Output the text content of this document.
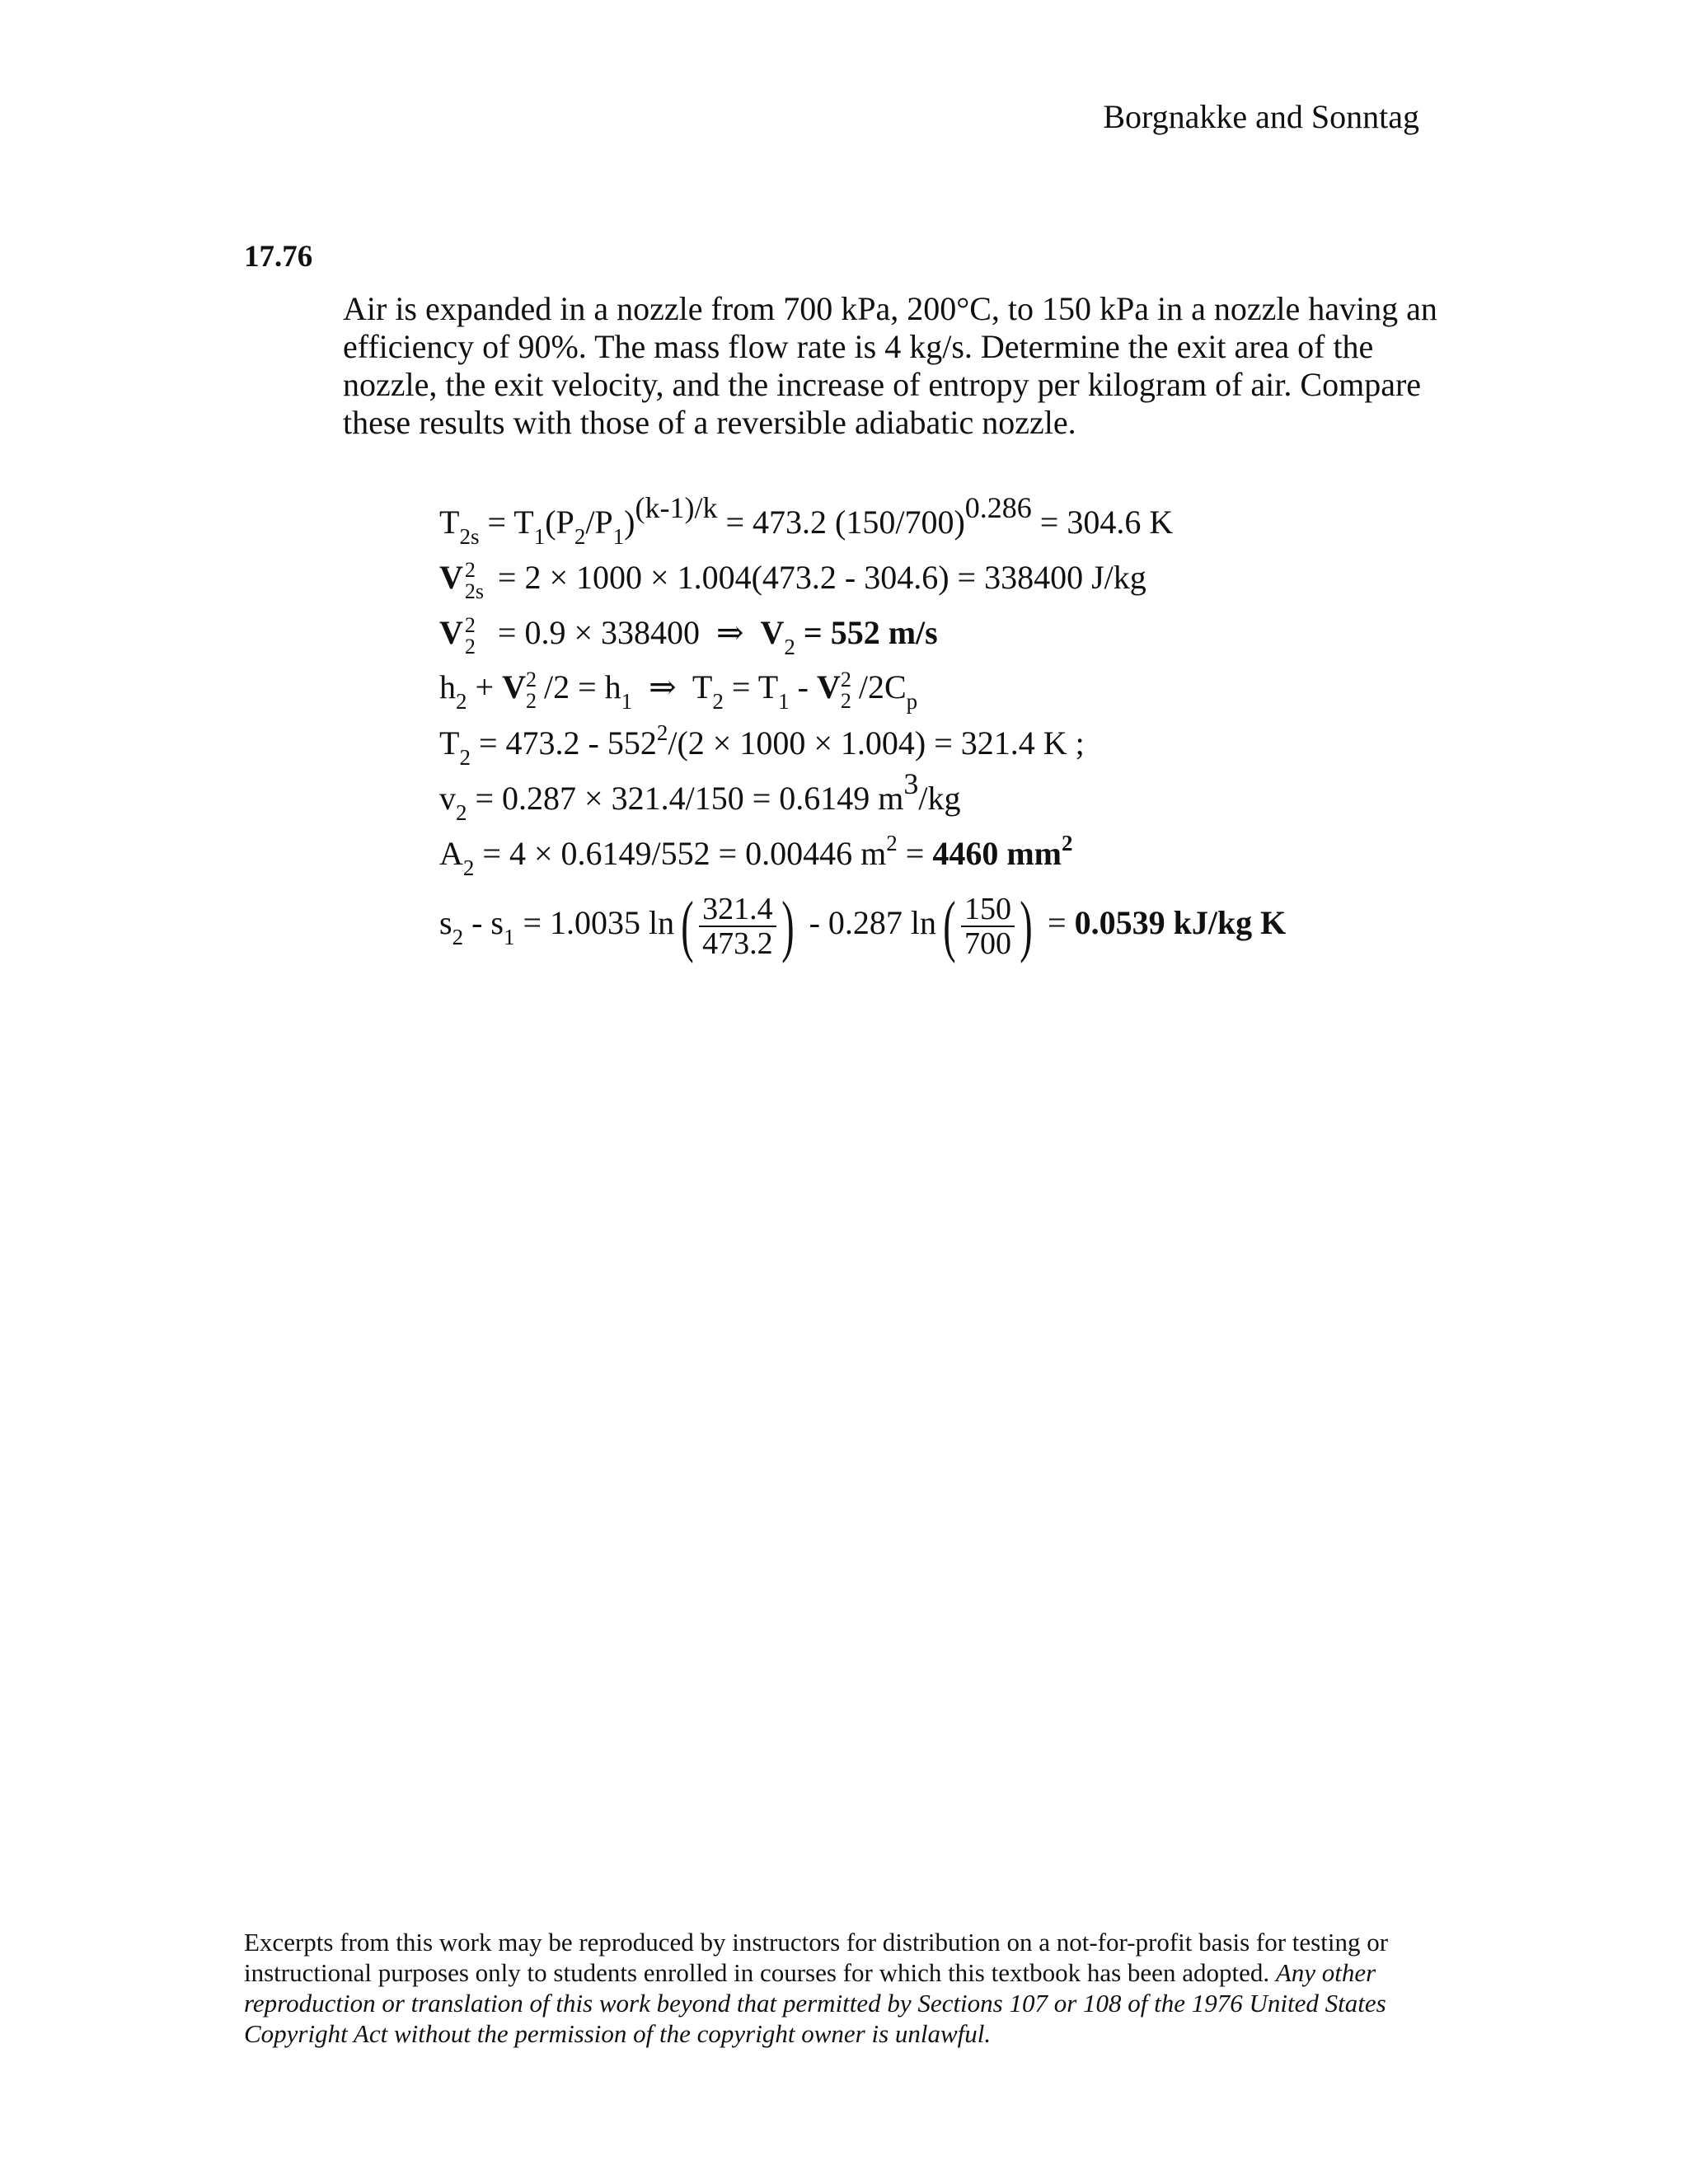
Borgnakke and Sonntag
17.76

Air is expanded in a nozzle from 700 kPa, 200°C, to 150 kPa in a nozzle having an efficiency of 90%. The mass flow rate is 4 kg/s. Determine the exit area of the nozzle, the exit velocity, and the increase of entropy per kilogram of air. Compare these results with those of a reversible adiabatic nozzle.

$T_{2s} = T_1(P_2/P_1)^{(k-1)/k} = 473.2$ $(150/700)^{0.286} = 304.6$ K
V 2
2s = 2 × 1000 × 1.004(473.2 - 304.6) = 338400 J/kg
V 2
2 = 0.9 × 338400 ⇒ $V_2 = 552$ m/s
$h_2 + V$ 2
2 $/2 = h_1$  ⇒  $T_2 = T_1 - V$ 2
2 $/2C_p$
$T_2 = 473.2 - 552^2/(2 \times 1000 \times 1.004) = 321.4$ K ;
$v_2 = 0.287 \times 321.4/150 = 0.6149$ $m^3/kg$
$A_2 = 4 \times 0.6149/552 = 0.00446$ $m^2 = 4460$ $mm^2$
$s_2 - s_1 = 1.0035$ ln ( $\frac{321.4}{473.2}$ ) - 0.287 ln ( $\frac{150}{700}$ ) = 0.0539 kJ/kg K

Excerpts from this work may be reproduced by instructors for distribution on a not-for-profit basis for testing or instructional purposes only to students enrolled in courses for which this textbook has been adopted. Any other reproduction or translation of this work beyond that permitted by Sections 107 or 108 of the 1976 United States Copyright Act without the permission of the copyright owner is unlawful.
